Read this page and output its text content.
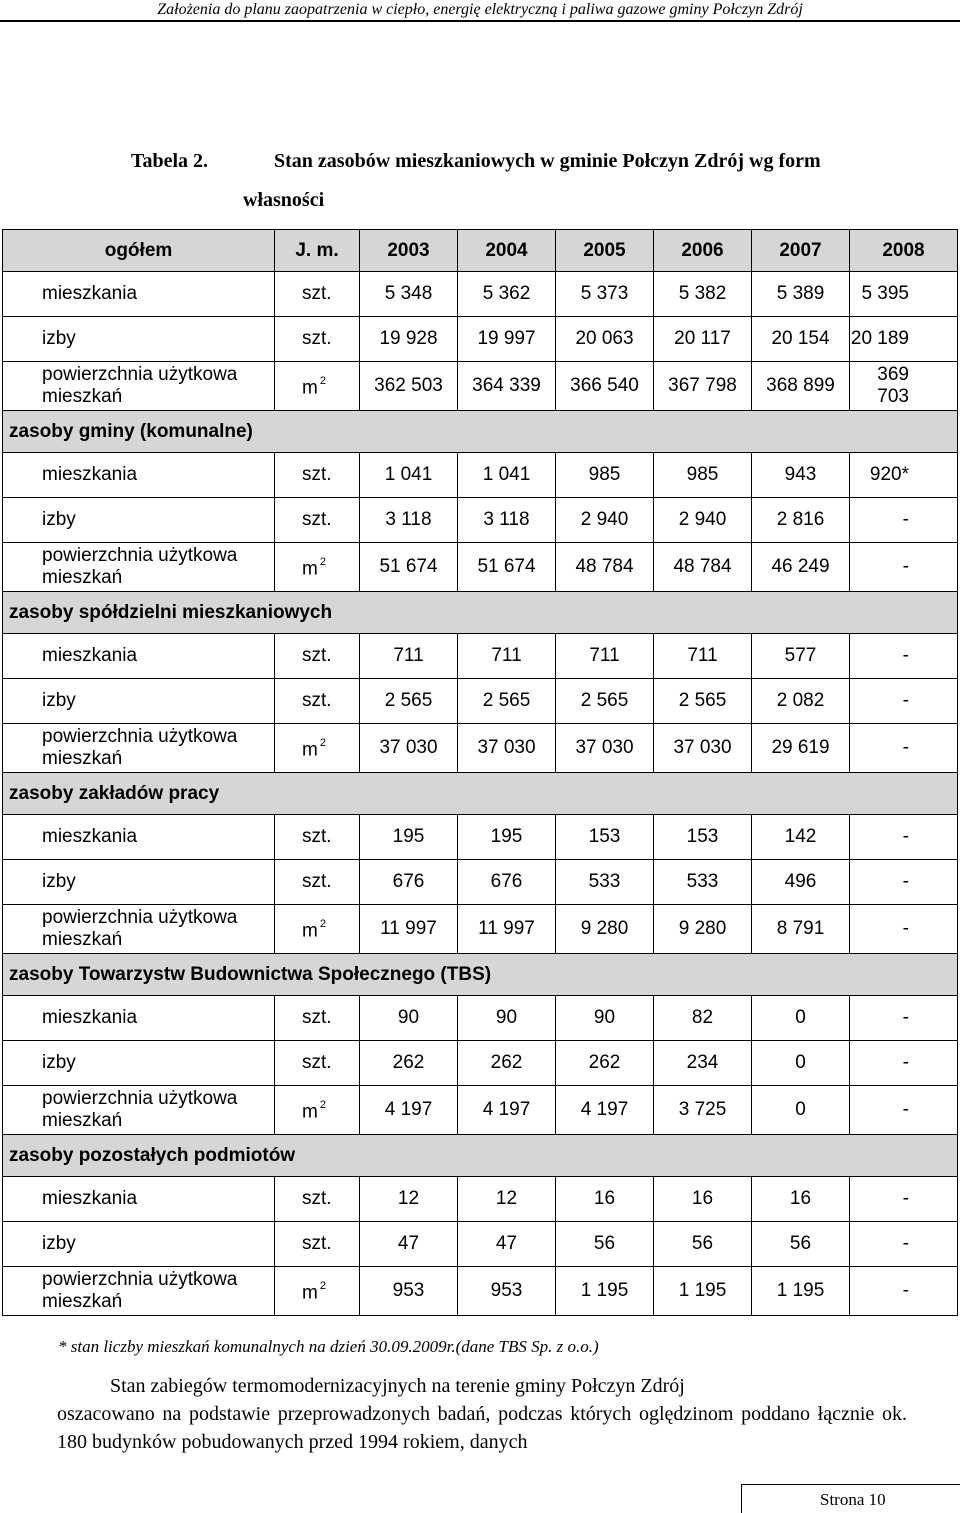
Założenia do planu zaopatrzenia w ciepło, energię elektryczną i paliwa gazowe gminy Połczyn Zdrój
Tabela 2.	Stan zasobów mieszkaniowych w gminie Połczyn Zdrój wg form
własności
ogółem	J. m.	2003	2004	2005	2006	2007	2008
mieszkania	szt.	5 348	5 362	5 373	5 382	5 389	5 395
izby	szt.	19 928	19 997	20 063	20 117	20 154	20 189

powierzchnia użytkowa
mieszkań	m $^2$	362 503	364 339	366 540	367 798	368 899	369 703
zasoby gminy (komunalne)							
mieszkania	szt.	1 041	1 041	985	985	943	920*
izby	szt.	3 118	3 118	2 940	2 940	2 816	-

powierzchnia użytkowa
mieszkań	m $^2$	51 674	51 674	48 784	48 784	46 249	-
zasoby spółdzielni mieszkaniowych							
mieszkania	szt.	711	711	711	711	577	-
izby	szt.	2 565	2 565	2 565	2 565	2 082	-

powierzchnia użytkowa
mieszkań	m $^2$	37 030	37 030	37 030	37 030	29 619	-
zasoby zakładów pracy							
mieszkania	szt.	195	195	153	153	142	-
izby	szt.	676	676	533	533	496	-

powierzchnia użytkowa
mieszkań	m $^2$	11 997	11 997	9 280	9 280	8 791	-
zasoby Towarzystw Budownictwa Społecznego (TBS)							
mieszkania	szt.	90	90	90	82	0	-
izby	szt.	262	262	262	234	0	-

powierzchnia użytkowa
mieszkań	m $^2$	4 197	4 197	4 197	3 725	0	-
zasoby pozostałych podmiotów							
mieszkania	szt.	12	12	16	16	16	-
izby	szt.	47	47	56	56	56	-

powierzchnia użytkowa
mieszkań	m $^2$	953	953	1 195	1 195	1 195	-
* stan liczby mieszkań komunalnych na dzień 30.09.2009r.(dane TBS Sp. z o.o.)
Stan zabiegów termomodernizacyjnych na terenie gminy Połczyn Zdrój
oszacowano na podstawie przeprowadzonych badań, podczas których oględzinom poddano łącznie ok. 180 budynków pobudowanych przed 1994 rokiem, danych
Strona 10
